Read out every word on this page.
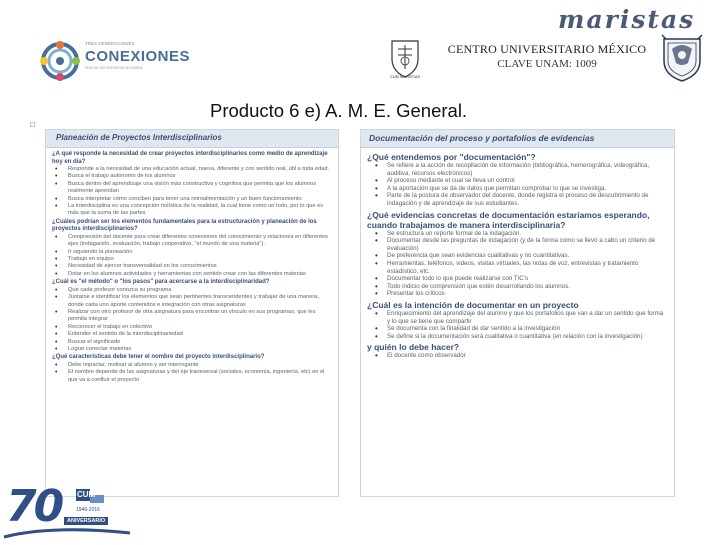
TRES GENERACIONES
CONEXIONES
EDUCACIÓN INTERDISCIPLINARIA
CUM MARISTAS
CENTRO UNIVERSITARIO MÉXICO
CLAVE UNAM: 1009
maristas
□
Producto 6 e) A. M. E. General.
Planeación de Proyectos Interdisciplinarios
¿A qué responde la necesidad de crear proyectos interdisciplinarios como medio de aprendizaje hoy en día?
• Responde a la necesidad de una educación actual, nueva, diferente y con sentido real, útil a toda edad.
• Busca el trabajo autónomo de los alumnos
• Busca dentro del aprendizaje una visión más constructiva y cognitiva que permita que los alumnos realmente aprendan
• Busca interpretar cómo conciben para tener una retroalimentación y un buen funcionamiento
• La interdisciplina es una concepción holística de la realidad, la cual tiene como un todo, por lo que es más que la suma de las partes
¿Cuáles podrían ser los elementos fundamentales para la estructuración y planeación de los proyectos interdisciplinarios?
• Comprensión del docente para crear diferentes conexiones del conocimiento y relaciones en diferentes ejes (indagación, evaluación, trabajo cooperativo, "el mundo de una materia").
• Ir siguiendo la planeación
• Trabajo en equipo
• Necesidad de ejercer transversalidad en los conocimientos
• Dotar en los alumnos actividades y herramientas con sentido crear con las diferentes materias
¿Cuál es "el método" o "los pasos" para acercarse a la interdisciplinaridad?
• Que cada profesor conozca su programa
• Juntarse e identificar los elementos que sean pertinentes transcendentes y trabajar de una manera, donde cada uno aporte contenidos e integración con otras asignaturas
• Realizar con otro profesor de otra asignatura para encontrar un vínculo en sus programas, que les permita integrar
• Reconocer el trabajo en colectivo
• Entender el sentido de la interdisciplinariedad
• Buscar el significado
• Lograr conectar materias
¿Qué características debe tener el nombre del proyecto interdisciplinario?
• Debe impactar, motivar al alumno y ser interrogante
• El nombre depende de las asignaturas y del eje transversal (sociales, economía, ingeniería, etc) en el que va a confluir el proyecto
Documentación del proceso y portafolios de evidencias
¿Qué entendemos por "documentación"?
• Se refiere a la acción de recopilación de información (bibliográfica, hemerográfica, videográfica, auditiva, recursos electrónicos)
• Al proceso mediante el cual se lleva un control
• A la aportación que se da de datos que permitan comprobar lo que se investiga.
• Parte de la postura de observador del docente, donde registra el proceso de descubrimiento de indagación y de aprendizaje de sus estudiantes.
¿Qué evidencias concretas de documentación estaríamos esperando, cuando trabajamos de manera interdisciplinaria?
• Se estructura un reporte formal de la indagación.
• Documentar desde las preguntas de indagación (y de la forma como se llevó a cabo un criterio de evaluación)
• De preferencia que sean evidencias cualitativas y no cuantitativas.
• Herramientas, teléfonos, videos, visitas virtuales, las notas de voz, entrevistas y tratamiento estadístico, etc.
• Documentar todo lo que puede realizarse con TIC's
• Todo indicio de comprensión que estén desarrollando los alumnos.
• Presentar los críticos
¿Cuál es la intención de documentar en un proyecto
• Enriquecimiento del aprendizaje del alumno y que los portafolios que van a dar un sentido que forma y lo que se tiene que compartir
• Se documenta con la finalidad de dar sentido a la investigación
• Se define si la documentación será cualitativa o cuantitativa (en relación con la investigación)
y quién lo debe hacer?
• El docente como observador
70 CUM
1946-2016
ANIVERSARIO
